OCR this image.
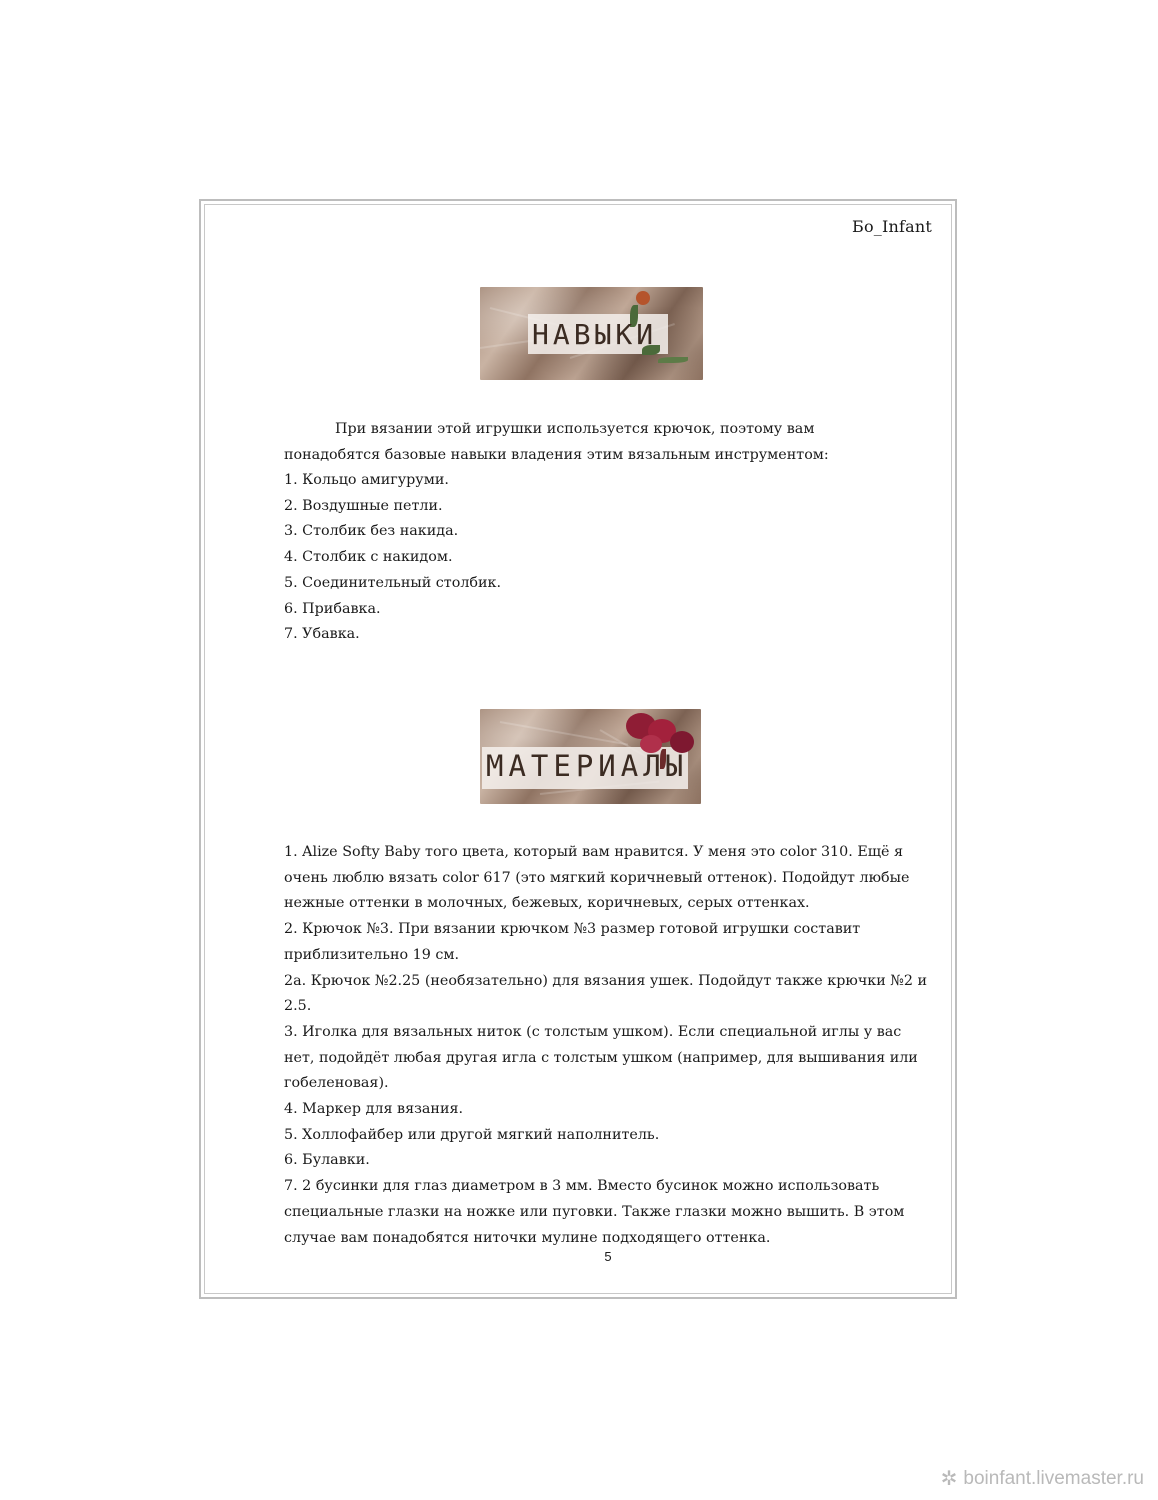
Бо_Infant
НАВЫКИ

При вязании этой игрушки используется крючок, поэтому вам понадобятся базовые навыки владения этим вязальным инструментом:

1. Кольцо амигуруми.
2. Воздушные петли.
3. Столбик без накида.
4. Столбик с накидом.
5. Соединительный столбик.
6. Прибавка.
7. Убавка.
МАТЕРИАЛЫ
1. Alize Softy Baby того цвета, который вам нравится. У меня это color 310. Ещё я очень люблю вязать color 617 (это мягкий коричневый оттенок). Подойдут любые нежные оттенки в молочных, бежевых, коричневых, серых оттенках.
2. Крючок №3. При вязании крючком №3 размер готовой игрушки составит приблизительно 19 см.
2а. Крючок №2.25 (необязательно) для вязания ушек. Подойдут также крючки №2 и 2.5.
3. Иголка для вязальных ниток (с толстым ушком). Если специальной иглы у вас нет, подойдёт любая другая игла с толстым ушком (например, для вышивания или гобеленовая).
4. Маркер для вязания.
5. Холлофайбер или другой мягкий наполнитель.
6. Булавки.
7. 2 бусинки для глаз диаметром в 3 мм. Вместо бусинок можно использовать специальные глазки на ножке или пуговки. Также глазки можно вышить. В этом случае вам понадобятся ниточки мулине подходящего оттенка.
5
✲ boinfant.livemaster.ru
